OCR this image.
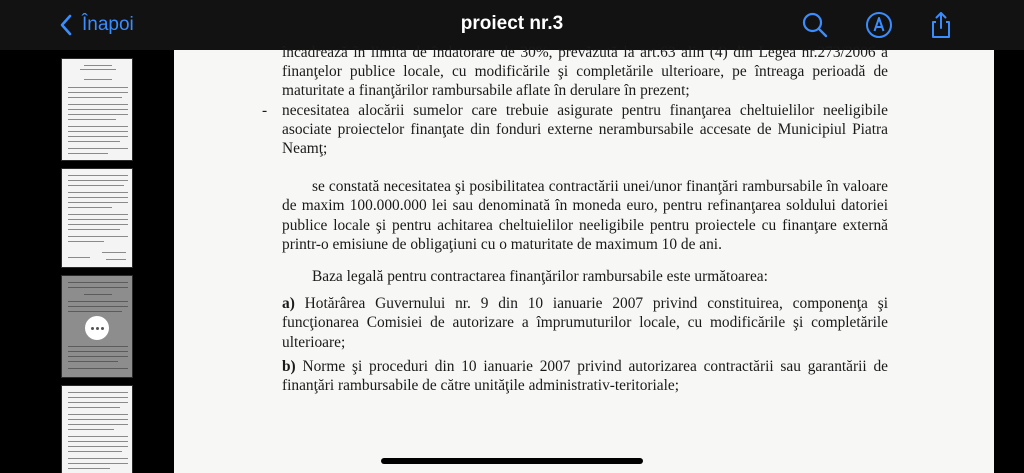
Înapoi	proiect nr.3

încadrează în limita de îndatorare de 30%, prevăzută la art.63 alin (4) din Legea nr.273/2006 a finanţelor publice locale, cu modificările şi completările ulterioare, pe întreaga perioadă de maturitate a finanţărilor rambursabile aflate în derulare în prezent;

- necesitatea alocării sumelor care trebuie asigurate pentru finanţarea cheltuielilor neeligibile asociate proiectelor finanţate din fonduri externe nerambursabile accesate de Municipiul Piatra Neamţ;

se constată necesitatea şi posibilitatea contractării unei/unor finanţări rambursabile în valoare de maxim 100.000.000 lei sau denominată în moneda euro, pentru refinanţarea soldului datoriei publice locale şi pentru achitarea cheltuielilor neeligibile pentru proiectele cu finanţare externă printr-o emisiune de obligaţiuni cu o maturitate de maximum 10 de ani.

Baza legală pentru contractarea finanţărilor rambursabile este următoarea:

a) Hotărârea Guvernului nr. 9 din 10 ianuarie 2007 privind constituirea, componenţa şi funcţionarea Comisiei de autorizare a împrumuturilor locale, cu modificările şi completările ulterioare;

b) Norme şi proceduri din 10 ianuarie 2007 privind autorizarea contractării sau garantării de finanţări rambursabile de către unităţile administrativ-teritoriale;
